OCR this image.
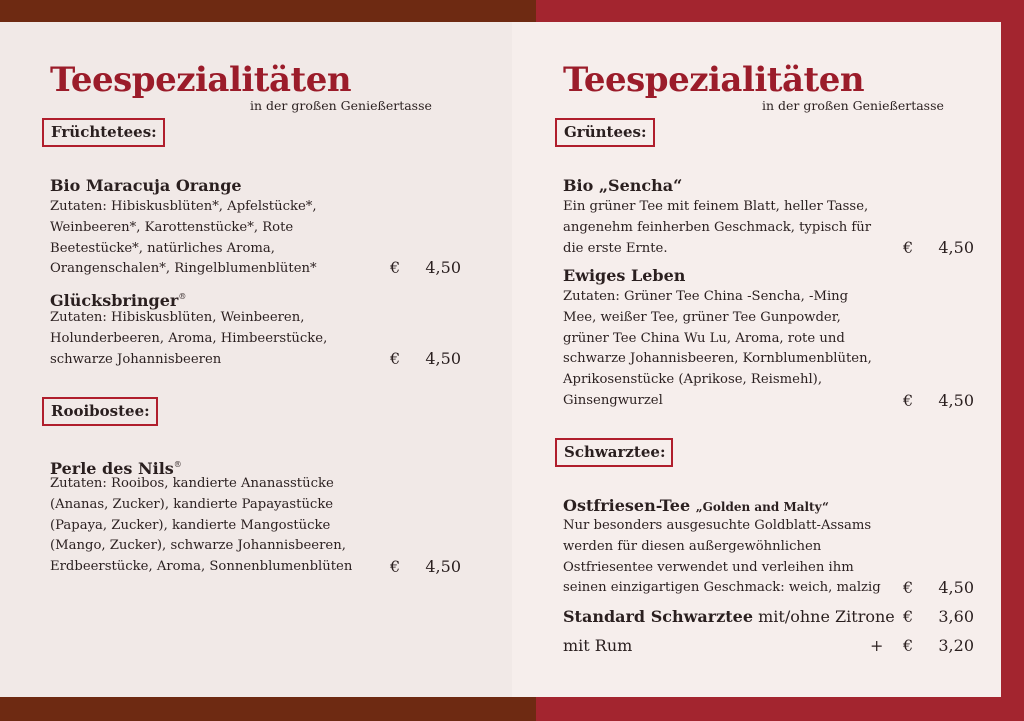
Teespezialitäten
in der großen Genießertasse
Früchtetees:
Bio Maracuja Orange
Zutaten: Hibiskusblüten*, Apfelstücke*,
Weinbeeren*, Karottenstücke*, Rote
Beetestücke*, natürliches Aroma,
Orangenschalen*, Ringelblumenblüten*	€ 4,50
Glücksbringer®
Zutaten: Hibiskusblüten, Weinbeeren,
Holunderbeeren, Aroma, Himbeerstücke,
schwarze Johannisbeeren	€ 4,50
Rooibostee:
Perle des Nils®
Zutaten: Rooibos, kandierte Ananasstücke
(Ananas, Zucker), kandierte Papayastücke
(Papaya, Zucker), kandierte Mangostücke
(Mango, Zucker), schwarze Johannisbeeren,
Erdbeerstücke, Aroma, Sonnenblumenblüten € 4,50
Teespezialitäten
in der großen Genießertasse
Grüntees:
Bio „Sencha“
Ein grüner Tee mit feinem Blatt, heller Tasse,
angenehm feinherben Geschmack, typisch für
die erste Ernte.	€ 4,50
Ewiges Leben
Zutaten: Grüner Tee China -Sencha, -Ming
Mee, weißer Tee, grüner Tee Gunpowder,
grüner Tee China Wu Lu, Aroma, rote und
schwarze Johannisbeeren, Kornblumenblüten,
Aprikosenstücke (Aprikose, Reismehl),
Ginsengwurzel	€ 4,50
Schwarztee:
Ostfriesen-Tee „Golden and Malty“
Nur besonders ausgesuchte Goldblatt-Assams
werden für diesen außergewöhnlichen
Ostfriesentee verwendet und verleihen ihm
seinen einzigartigen Geschmack: weich, malzig € 4,50
Standard Schwarztee mit/ohne Zitrone € 3,60
mit Rum	+ € 3,20
